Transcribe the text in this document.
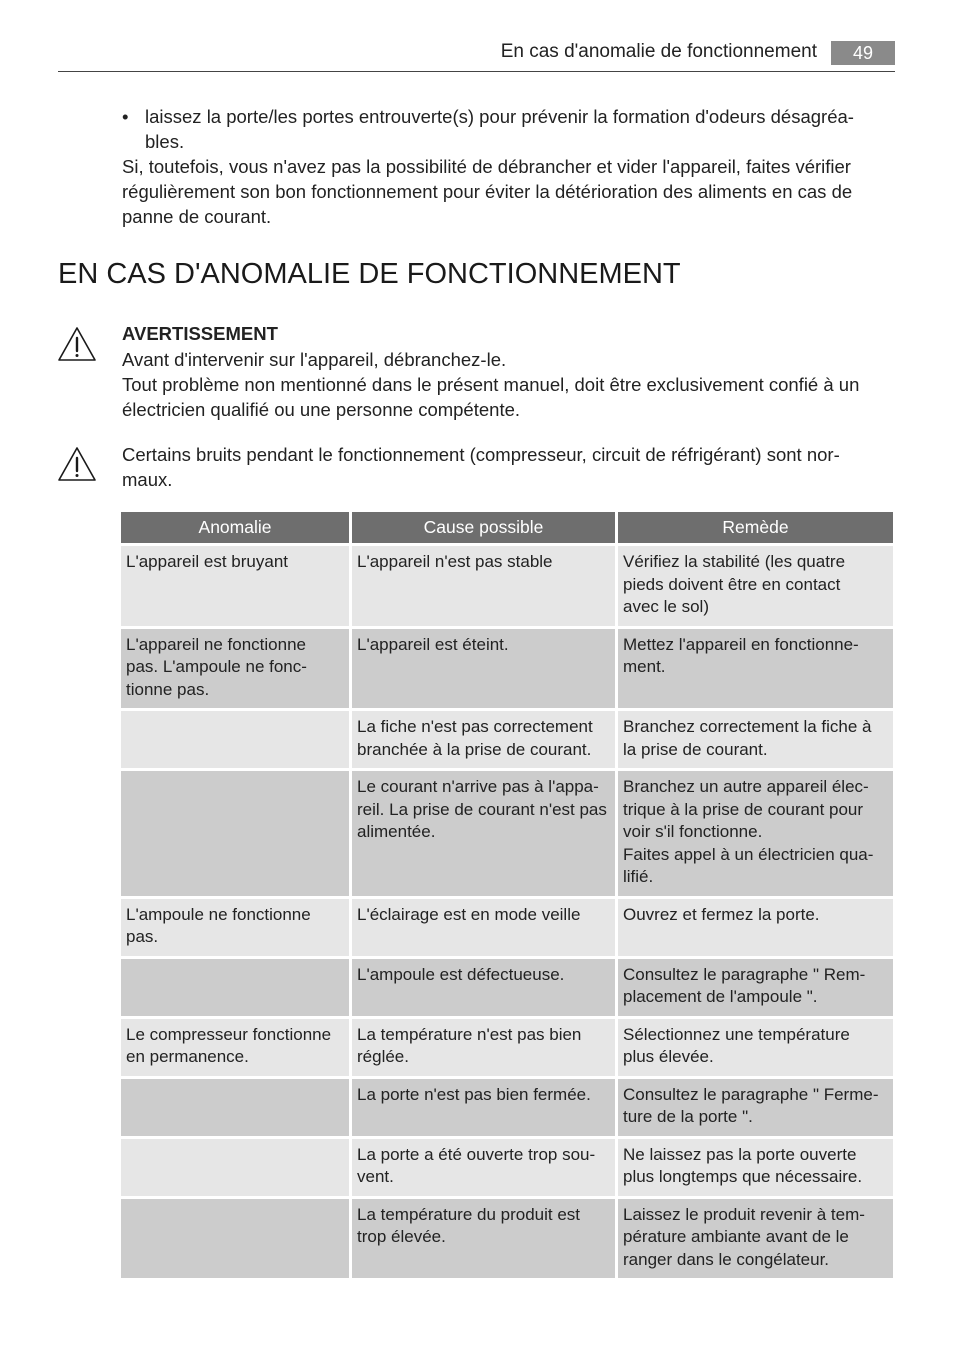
En cas d'anomalie de fonctionnement	49
• laissez la porte/les portes entrouverte(s) pour prévenir la formation d'odeurs désagréa-
bles.
Si, toutefois, vous n'avez pas la possibilité de débrancher et vider l'appareil, faites vérifier régulièrement son bon fonctionnement pour éviter la détérioration des aliments en cas de panne de courant.
EN CAS D'ANOMALIE DE FONCTIONNEMENT
AVERTISSEMENT
Avant d'intervenir sur l'appareil, débranchez-le.
Tout problème non mentionné dans le présent manuel, doit être exclusivement confié à un électricien qualifié ou une personne compétente.
Certains bruits pendant le fonctionnement (compresseur, circuit de réfrigérant) sont nor-
maux.
Anomalie	Cause possible	Remède

L'appareil est bruyant	L'appareil n'est pas stable	Vérifiez la stabilité (les quatre
pieds doivent être en contact
avec le sol)

L'appareil ne fonctionne
pas. L'ampoule ne fonc-
tionne pas.	L'appareil est éteint.	Mettez l'appareil en fonctionne-
ment.

	La fiche n'est pas correctement
branchée à la prise de courant.	Branchez correctement la fiche à
la prise de courant.

	Le courant n'arrive pas à l'appa-
reil. La prise de courant n'est pas
alimentée.	Branchez un autre appareil élec-
trique à la prise de courant pour
voir s'il fonctionne.
Faites appel à un électricien qua-
lifié.

L'ampoule ne fonctionne
pas.	L'éclairage est en mode veille	Ouvrez et fermez la porte.

	L'ampoule est défectueuse.	Consultez le paragraphe " Rem-
placement de l'ampoule ".

Le compresseur fonctionne
en permanence.	La température n'est pas bien
réglée.	Sélectionnez une température
plus élevée.

	La porte n'est pas bien fermée.	Consultez le paragraphe " Ferme-
ture de la porte ".

	La porte a été ouverte trop sou-
vent.	Ne laissez pas la porte ouverte
plus longtemps que nécessaire.

	La température du produit est
trop élevée.	Laissez le produit revenir à tem-
pérature ambiante avant de le
ranger dans le congélateur.
